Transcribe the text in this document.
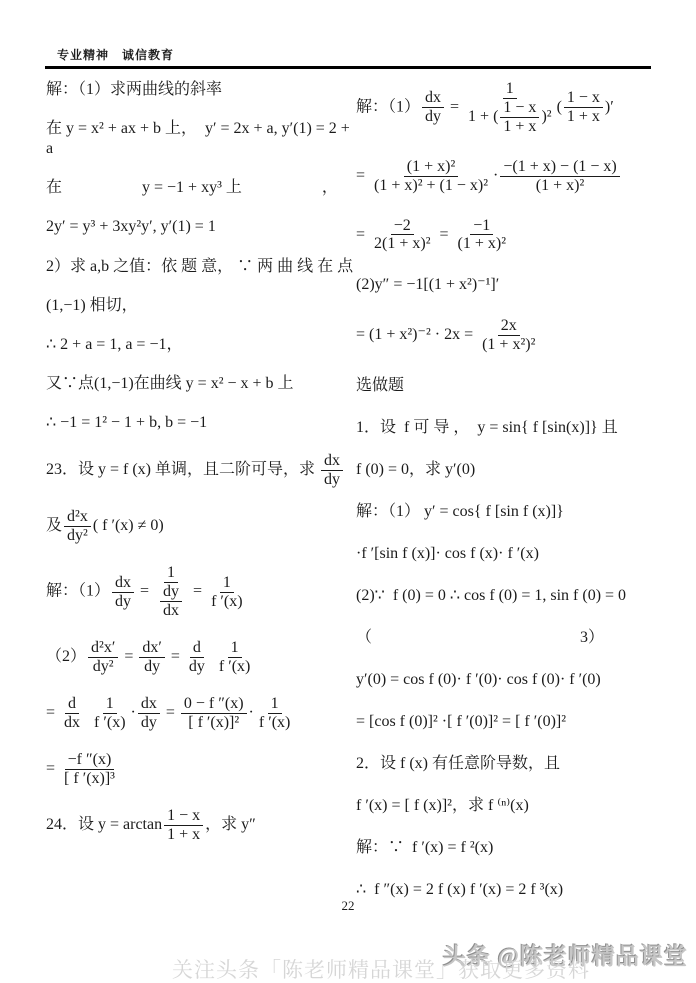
专业精神　诚信教育
解：（1）求两曲线的斜率
在 y = x² + ax + b 上，  y′ = 2x + a, y′(1) = 2 + a
在　　　　　y = −1 + xy³ 上　　　　　，
2y′ = y³ + 3xy²y′, y′(1) = 1
2）求 a,b 之值：依 题 意， ∵ 两 曲 线 在 点
(1,−1) 相切，
∴ 2 + a = 1, a = −1，
又∵点(1,−1)在曲线 y = x² − x + b 上
∴ −1 = 1² − 1 + b, b = −1
23．设 y = f (x) 单调，且二阶可导，求 $\frac{dx}{dy}$
及 $\frac{\text{d²x}}{\text{dy²}}$ ( f ′(x) ≠ 0)
解：$(1) \frac{dx}{dy} = \frac{1}{\frac{dy}{dx}} = \frac{1}{f '(x)}$
$(2) \frac{\text{d²x′}}{\text{dy²}} = \frac{dx'}{dy} = \frac{d}{dy}$
$\frac{1}{f '(x)}$
= $\frac{d}{dx}$
$\frac{1}{f '(x)} \cdot \frac{dx}{dy} = \frac{0 - f ''(x)}{\text{[ f ′(x)]²}} \cdot \frac{1}{f '(x)}$
= $\frac{-f ''(x)}{\text{[ f ′(x)]³}}$
24．设 $y = \arctan \frac{1 - x}{1 + x}$ ，求 y″
解：$(1) \frac{dx}{dy} = \frac{1}{1 + ( \frac{1 - x}{1 + x} )^2}$ ( $\frac{1 - x}{1 + x}$ )′
= $\frac{\text{(1 + x)²}}{\text{(1 + x)² + (1 − x)²}} \cdot \frac{-(1 + x) - (1 - x)}{\text{(1 + x)²}}$
= $\frac{-2}{\text{2(1 + x)²}} = \frac{-1}{\text{(1 + x)²}}$
(2)y″ = −1[(1 + x²)⁻¹]′
= $(1 + x^2)^{-2} \cdot 2x = \frac{2x}{\text{(1 + x²)²}}$
选做题
1．设  f 可 导 ，  y = sin{ f [sin(x)]} 且
f (0) = 0，求 y′(0)
解：（1） y′ = cos{ f [sin f (x)]}
·f ′[sin f (x)]· cos f (x)· f ′(x)
(2)∵  f (0) = 0 ∴ cos f (0) = 1, sin f (0) = 0
（　　　　　　　　　　　　　3）
y′(0) = cos f (0)· f ′(0)· cos f (0)· f ′(0)
= [cos f (0)]² ·[ f ′(0)]² = [ f ′(0)]²
2．设 f (x) 有任意阶导数，且
f ′(x) = [ f (x)]²，求 f ⁽ⁿ⁾(x)
解：∵  f ′(x) = f ²(x)
∴  f ″(x) = 2 f (x) f ′(x) = 2 f ³(x)
22
头条 @陈老师精品课堂
关注头条「陈老师精品课堂」获取更多资料
